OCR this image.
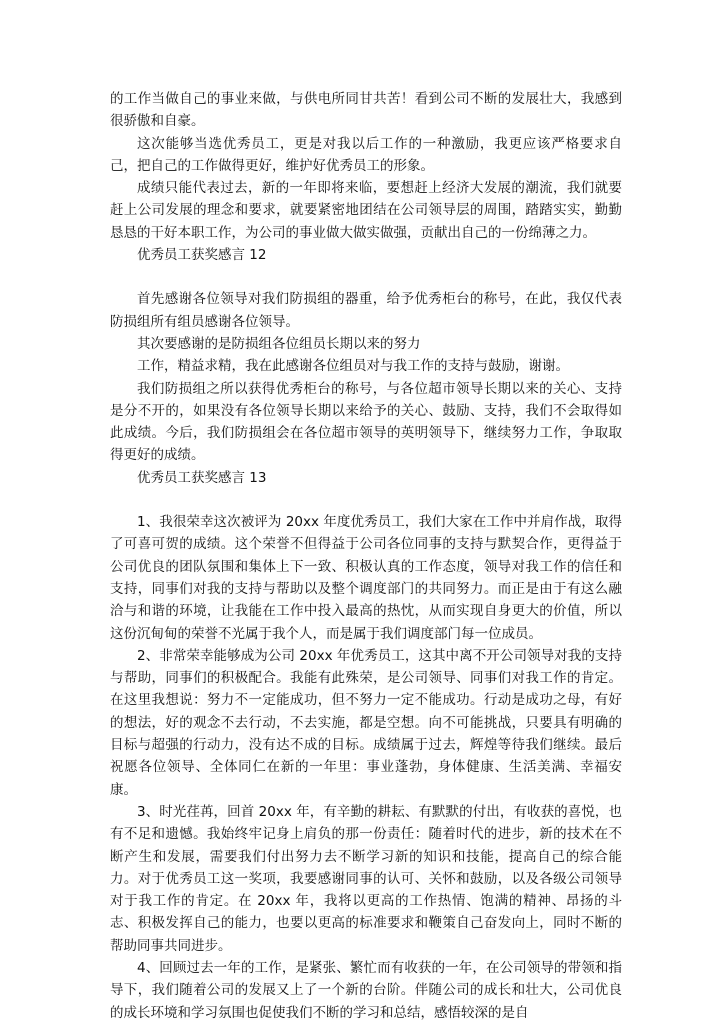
的工作当做自己的事业来做，与供电所同甘共苦！看到公司不断的发展壮大，我感到很骄傲和自豪。

这次能够当选优秀员工，更是对我以后工作的一种激励，我更应该严格要求自己，把自己的工作做得更好，维护好优秀员工的形象。

成绩只能代表过去，新的一年即将来临，要想赶上经济大发展的潮流，我们就要赶上公司发展的理念和要求，就要紧密地团结在公司领导层的周围，踏踏实实，勤勤恳恳的干好本职工作，为公司的事业做大做实做强，贡献出自己的一份绵薄之力。

优秀员工获奖感言 12

首先感谢各位领导对我们防损组的器重，给予优秀柜台的称号，在此，我仅代表防损组所有组员感谢各位领导。

其次要感谢的是防损组各位组员长期以来的努力

工作，精益求精，我在此感谢各位组员对与我工作的支持与鼓励，谢谢。

我们防损组之所以获得优秀柜台的称号，与各位超市领导长期以来的关心、支持是分不开的，如果没有各位领导长期以来给予的关心、鼓励、支持，我们不会取得如此成绩。今后，我们防损组会在各位超市领导的英明领导下，继续努力工作，争取取得更好的成绩。

优秀员工获奖感言 13

1、我很荣幸这次被评为 20xx 年度优秀员工，我们大家在工作中并肩作战，取得了可喜可贺的成绩。这个荣誉不但得益于公司各位同事的支持与默契合作，更得益于公司优良的团队氛围和集体上下一致、积极认真的工作态度，领导对我工作的信任和支持，同事们对我的支持与帮助以及整个调度部门的共同努力。而正是由于有这么融洽与和谐的环境，让我能在工作中投入最高的热忱，从而实现自身更大的价值，所以这份沉甸甸的荣誉不光属于我个人，而是属于我们调度部门每一位成员。

2、非常荣幸能够成为公司 20xx 年优秀员工，这其中离不开公司领导对我的支持与帮助，同事们的积极配合。我能有此殊荣，是公司领导、同事们对我工作的肯定。在这里我想说：努力不一定能成功，但不努力一定不能成功。行动是成功之母，有好的想法，好的观念不去行动，不去实施，都是空想。向不可能挑战，只要具有明确的目标与超强的行动力，没有达不成的目标。成绩属于过去，辉煌等待我们继续。最后祝愿各位领导、全体同仁在新的一年里：事业蓬勃，身体健康、生活美满、幸福安康。

3、时光荏苒，回首 20xx 年，有辛勤的耕耘、有默默的付出，有收获的喜悦，也有不足和遗憾。我始终牢记身上肩负的那一份责任：随着时代的进步，新的技术在不断产生和发展，需要我们付出努力去不断学习新的知识和技能，提高自己的综合能力。对于优秀员工这一奖项，我要感谢同事的认可、关怀和鼓励，以及各级公司领导对于我工作的肯定。在 20xx 年，我将以更高的工作热情、饱满的精神、昂扬的斗志、积极发挥自己的能力，也要以更高的标准要求和鞭策自己奋发向上，同时不断的帮助同事共同进步。

4、回顾过去一年的工作，是紧张、繁忙而有收获的一年，在公司领导的带领和指导下，我们随着公司的发展又上了一个新的台阶。伴随公司的成长和壮大，公司优良的成长环境和学习氛围也促使我们不断的学习和总结，感悟较深的是自
